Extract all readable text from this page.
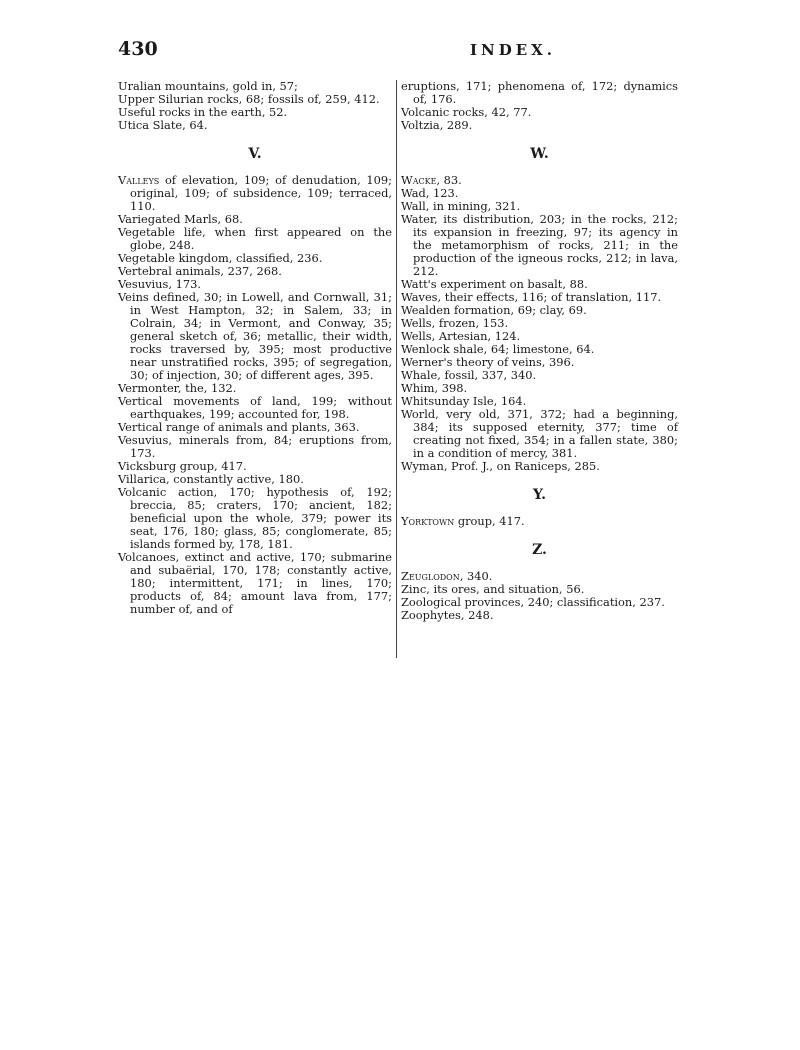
430	INDEX.
Uralian mountains, gold in, 57;
Upper Silurian rocks, 68; fossils of, 259, 412.
Useful rocks in the earth, 52.
Utica Slate, 64.
V.
Valleys of elevation, 109; of denudation, 109; original, 109; of subsidence, 109; terraced, 110.
Variegated Marls, 68.
Vegetable life, when first appeared on the globe, 248.
Vegetable kingdom, classified, 236.
Vertebral animals, 237, 268.
Vesuvius, 173.
Veins defined, 30; in Lowell, and Cornwall, 31; in West Hampton, 32; in Salem, 33; in Colrain, 34; in Vermont, and Conway, 35; general sketch of, 36; metallic, their width, rocks traversed by, 395; most productive near unstratified rocks, 395; of segregation, 30; of injection, 30; of different ages, 395.
Vermonter, the, 132.
Vertical movements of land, 199; without earthquakes, 199; accounted for, 198.
Vertical range of animals and plants, 363.
Vesuvius, minerals from, 84; eruptions from, 173.
Vicksburg group, 417.
Villarica, constantly active, 180.
Volcanic action, 170; hypothesis of, 192; breccia, 85; craters, 170; ancient, 182; beneficial upon the whole, 379; power its seat, 176, 180; glass, 85; conglomerate, 85; islands formed by, 178, 181.
Volcanoes, extinct and active, 170; submarine and subaërial, 170, 178; constantly active, 180; intermittent, 171; in lines, 170; products of, 84; amount lava from, 177; number of, and of
eruptions, 171; phenomena of, 172; dynamics of, 176.
Volcanic rocks, 42, 77.
Voltzia, 289.
W.
Wacke, 83.
Wad, 123.
Wall, in mining, 321.
Water, its distribution, 203; in the rocks, 212; its expansion in freezing, 97; its agency in the metamorphism of rocks, 211; in the production of the igneous rocks, 212; in lava, 212.
Watt's experiment on basalt, 88.
Waves, their effects, 116; of translation, 117.
Wealden formation, 69; clay, 69.
Wells, frozen, 153.
Wells, Artesian, 124.
Wenlock shale, 64; limestone, 64.
Werner's theory of veins, 396.
Whale, fossil, 337, 340.
Whim, 398.
Whitsunday Isle, 164.
World, very old, 371, 372; had a beginning, 384; its supposed eternity, 377; time of creating not fixed, 354; in a fallen state, 380; in a condition of mercy, 381.
Wyman, Prof. J., on Raniceps, 285.
Y.
Yorktown group, 417.
Z.
Zeuglodon, 340.
Zinc, its ores, and situation, 56.
Zoological provinces, 240; classification, 237.
Zoophytes, 248.
